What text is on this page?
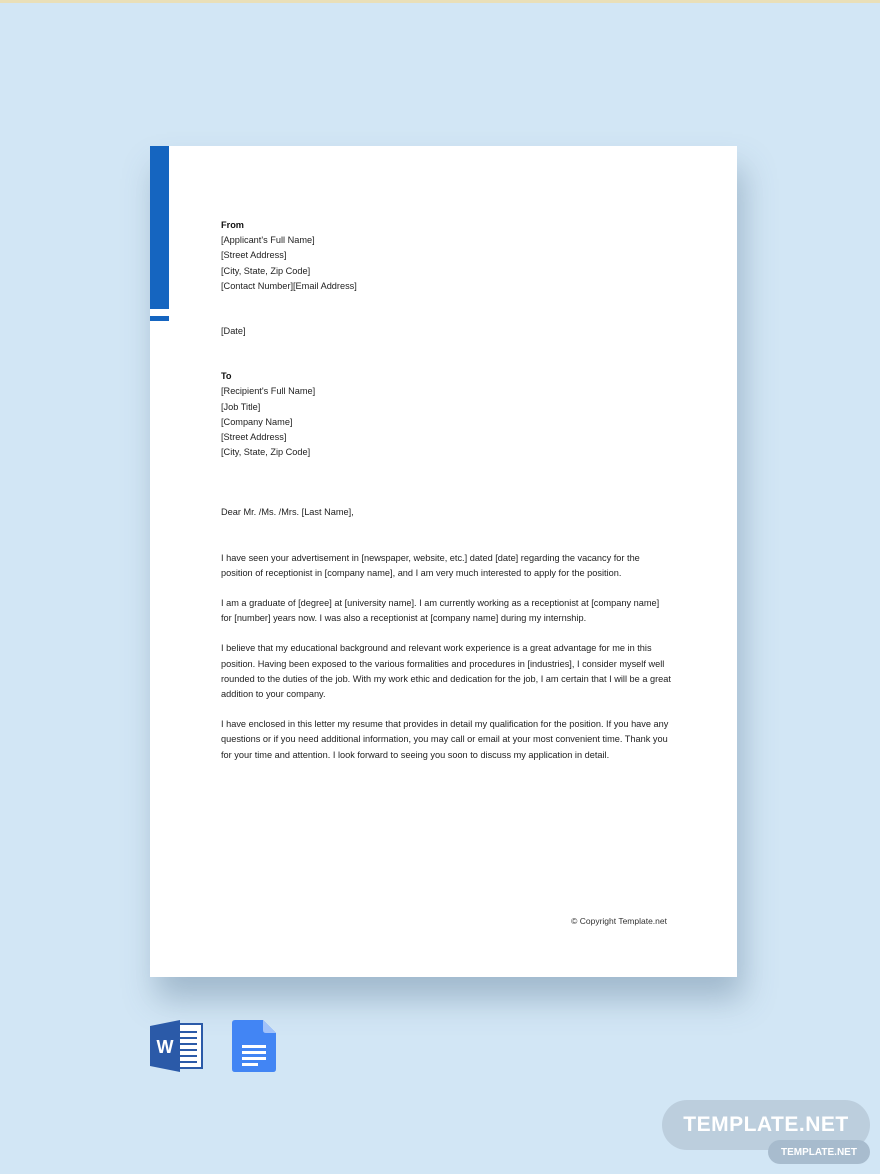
From
[Applicant's Full Name]
[Street Address]
[City, State, Zip Code]
[Contact Number][Email Address]
[Date]
To
[Recipient's Full Name]
[Job Title]
[Company Name]
[Street Address]
[City, State, Zip Code]
Dear Mr. /Ms. /Mrs. [Last Name],

I have seen your advertisement in [newspaper, website, etc.] dated [date] regarding the vacancy for the position of receptionist in [company name], and I am very much interested to apply for the position.

I am a graduate of [degree] at [university name]. I am currently working as a receptionist at [company name] for [number] years now. I was also a receptionist at [company name] during my internship.

I believe that my educational background and relevant work experience is a great advantage for me in this position. Having been exposed to the various formalities and procedures in [industries], I consider myself well rounded to the duties of the job. With my work ethic and dedication for the job, I am certain that I will be a great addition to your company.

I have enclosed in this letter my resume that provides in detail my qualification for the position. If you have any questions or if you need additional information, you may call or email at your most convenient time. Thank you for your time and attention. I look forward to seeing you soon to discuss my application in detail.

© Copyright Template.net
W
TEMPLATE.NET
TEMPLATE.NET
